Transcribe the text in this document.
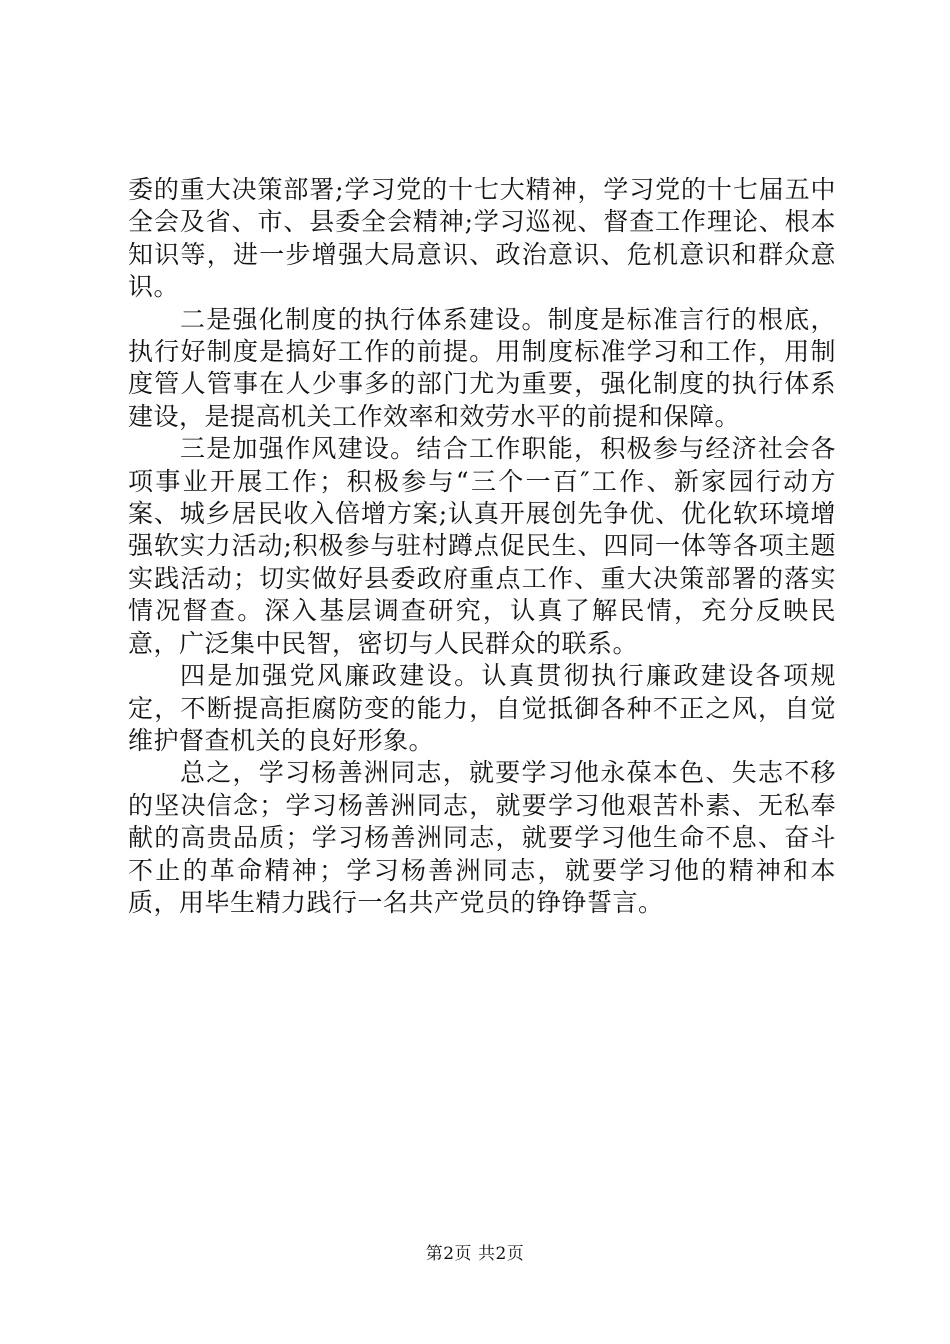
委的重大决策部署;学习党的十七大精神，学习党的十七届五中全会及省、市、县委全会精神;学习巡视、督查工作理论、根本知识等，进一步增强大局意识、政治意识、危机意识和群众意识。

二是强化制度的执行体系建设。制度是标准言行的根底，执行好制度是搞好工作的前提。用制度标准学习和工作，用制度管人管事在人少事多的部门尤为重要，强化制度的执行体系建设，是提高机关工作效率和效劳水平的前提和保障。

三是加强作风建设。结合工作职能，积极参与经济社会各项事业开展工作；积极参与“三个一百″工作、新家园行动方案、城乡居民收入倍增方案;认真开展创先争优、优化软环境增强软实力活动;积极参与驻村蹲点促民生、四同一体等各项主题实践活动；切实做好县委政府重点工作、重大决策部署的落实情况督查。深入基层调查研究，认真了解民情，充分反映民意，广泛集中民智，密切与人民群众的联系。

四是加强党风廉政建设。认真贯彻执行廉政建设各项规定，不断提高拒腐防变的能力，自觉抵御各种不正之风，自觉维护督查机关的良好形象。

总之，学习杨善洲同志，就要学习他永葆本色、失志不移的坚决信念；学习杨善洲同志，就要学习他艰苦朴素、无私奉献的高贵品质；学习杨善洲同志，就要学习他生命不息、奋斗不止的革命精神；学习杨善洲同志，就要学习他的精神和本质，用毕生精力践行一名共产党员的铮铮誓言。

第2页 共2页
